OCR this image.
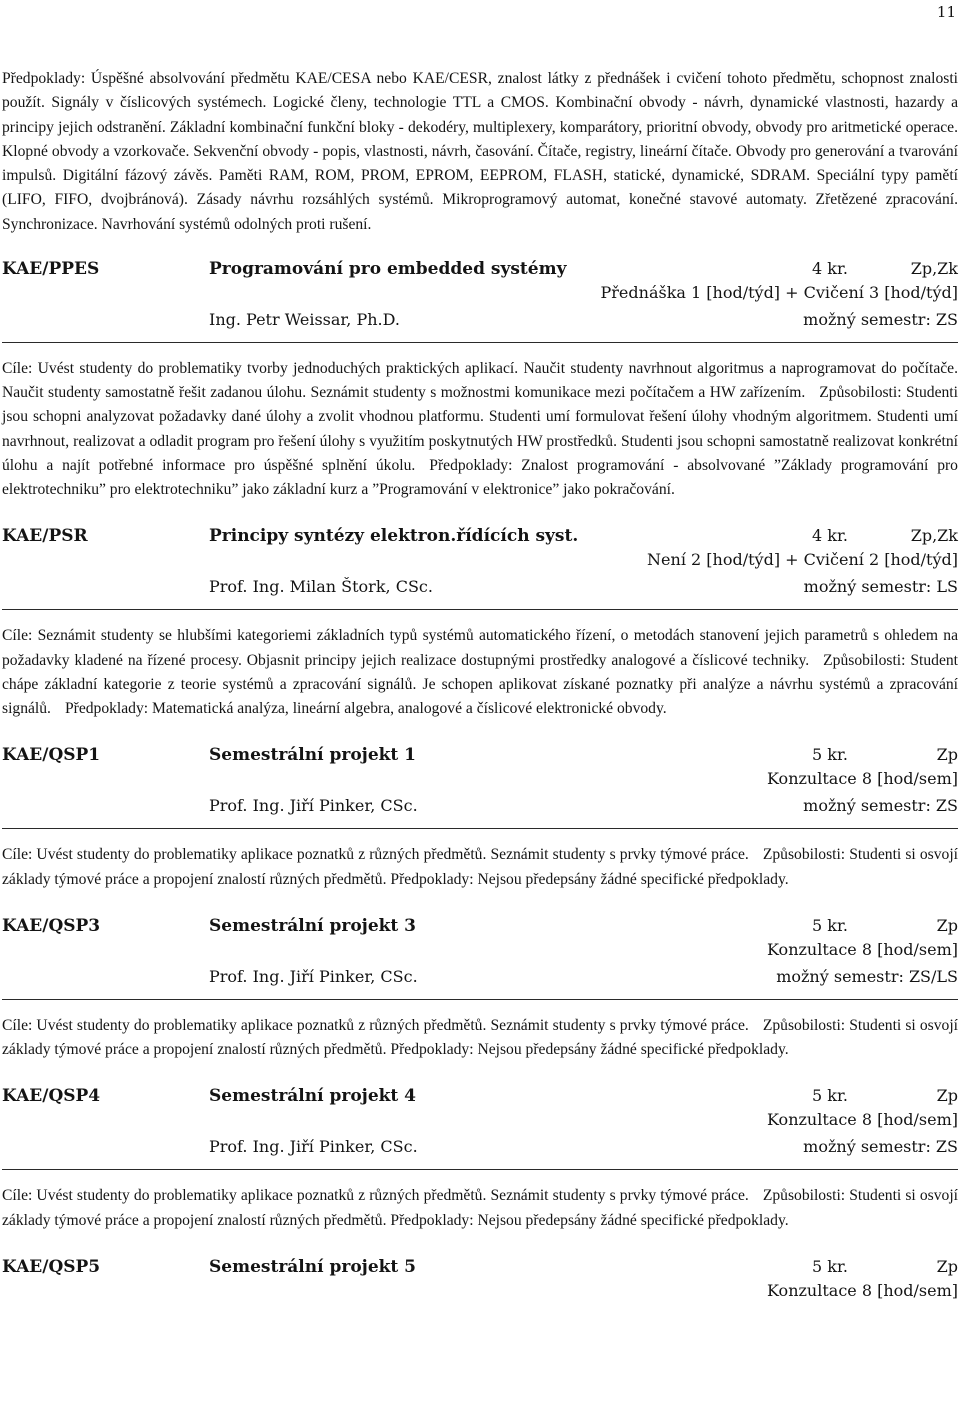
11

Předpoklady: Úspěšné absolvování předmětu KAE/CESA nebo KAE/CESR, znalost látky z přednášek i cvičení tohoto předmětu, schopnost znalosti použít. Signály v číslicových systémech. Logické členy, technologie TTL a CMOS. Kombinační obvody - návrh, dynamické vlastnosti, hazardy a principy jejich odstranění. Základní kombinační funkční bloky - dekodéry, multiplexery, komparátory, prioritní obvody, obvody pro aritmetické operace. Klopné obvody a vzorkovače. Sekvenční obvody - popis, vlastnosti, návrh, časování. Čítače, registry, lineární čítače. Obvody pro generování a tvarování impulsů. Digitální fázový závěs. Paměti RAM, ROM, PROM, EPROM, EEPROM, FLASH, statické, dynamické, SDRAM. Speciální typy pamětí (LIFO, FIFO, dvojbránová). Zásady návrhu rozsáhlých systémů. Mikroprogramový automat, konečné stavové automaty. Zřetězené zpracování. Synchronizace. Navrhování systémů odolných proti rušení.

KAE/PPES	Programování pro embedded systémy	4 kr.	Zp,Zk
Přednáška 1 [hod/týd] + Cvičení 3 [hod/týd]
Ing. Petr Weissar, Ph.D.	možný semestr: ZS

Cíle: Uvést studenty do problematiky tvorby jednoduchých praktických aplikací. Naučit studenty navrhnout algoritmus a naprogramovat do počítače. Naučit studenty samostatně řešit zadanou úlohu. Seznámit studenty s možnostmi komunikace mezi počítačem a HW zařízením. Způsobilosti: Studenti jsou schopni analyzovat požadavky dané úlohy a zvolit vhodnou platformu. Studenti umí formulovat řešení úlohy vhodným algoritmem. Studenti umí navrhnout, realizovat a odladit program pro řešení úlohy s využitím poskytnutých HW prostředků. Studenti jsou schopni samostatně realizovat konkrétní úlohu a najít potřebné informace pro úspěšné splnění úkolu. Předpoklady: Znalost programování - absolvované ”Základy programování pro elektrotechniku” pro elektrotechniku” jako základní kurz a ”Programování v elektronice” jako pokračování.

KAE/PSR	Principy syntézy elektron.řídících syst.	4 kr.	Zp,Zk
Není 2 [hod/týd] + Cvičení 2 [hod/týd]
Prof. Ing. Milan Štork, CSc.	možný semestr: LS

Cíle: Seznámit studenty se hlubšími kategoriemi základních typů systémů automatického řízení, o metodách stanovení jejich parametrů s ohledem na požadavky kladené na řízené procesy. Objasnit principy jejich realizace dostupnými prostředky analogové a číslicové techniky. Způsobilosti: Student chápe základní kategorie z teorie systémů a zpracování signálů. Je schopen aplikovat získané poznatky při analýze a návrhu systémů a zpracování signálů. Předpoklady: Matematická analýza, lineární algebra, analogové a číslicové elektronické obvody.

KAE/QSP1	Semestrální projekt 1	5 kr.	Zp
Konzultace 8 [hod/sem]
Prof. Ing. Jiří Pinker, CSc.	možný semestr: ZS

Cíle: Uvést studenty do problematiky aplikace poznatků z různých předmětů. Seznámit studenty s prvky týmové práce. Způsobilosti: Studenti si osvojí základy týmové práce a propojení znalostí různých předmětů. Předpoklady: Nejsou předepsány žádné specifické předpoklady.

KAE/QSP3	Semestrální projekt 3	5 kr.	Zp
Konzultace 8 [hod/sem]
Prof. Ing. Jiří Pinker, CSc.	možný semestr: ZS/LS

Cíle: Uvést studenty do problematiky aplikace poznatků z různých předmětů. Seznámit studenty s prvky týmové práce. Způsobilosti: Studenti si osvojí základy týmové práce a propojení znalostí různých předmětů. Předpoklady: Nejsou předepsány žádné specifické předpoklady.

KAE/QSP4	Semestrální projekt 4	5 kr.	Zp
Konzultace 8 [hod/sem]
Prof. Ing. Jiří Pinker, CSc.	možný semestr: ZS

Cíle: Uvést studenty do problematiky aplikace poznatků z různých předmětů. Seznámit studenty s prvky týmové práce. Způsobilosti: Studenti si osvojí základy týmové práce a propojení znalostí různých předmětů. Předpoklady: Nejsou předepsány žádné specifické předpoklady.

KAE/QSP5	Semestrální projekt 5	5 kr.	Zp
Konzultace 8 [hod/sem]
